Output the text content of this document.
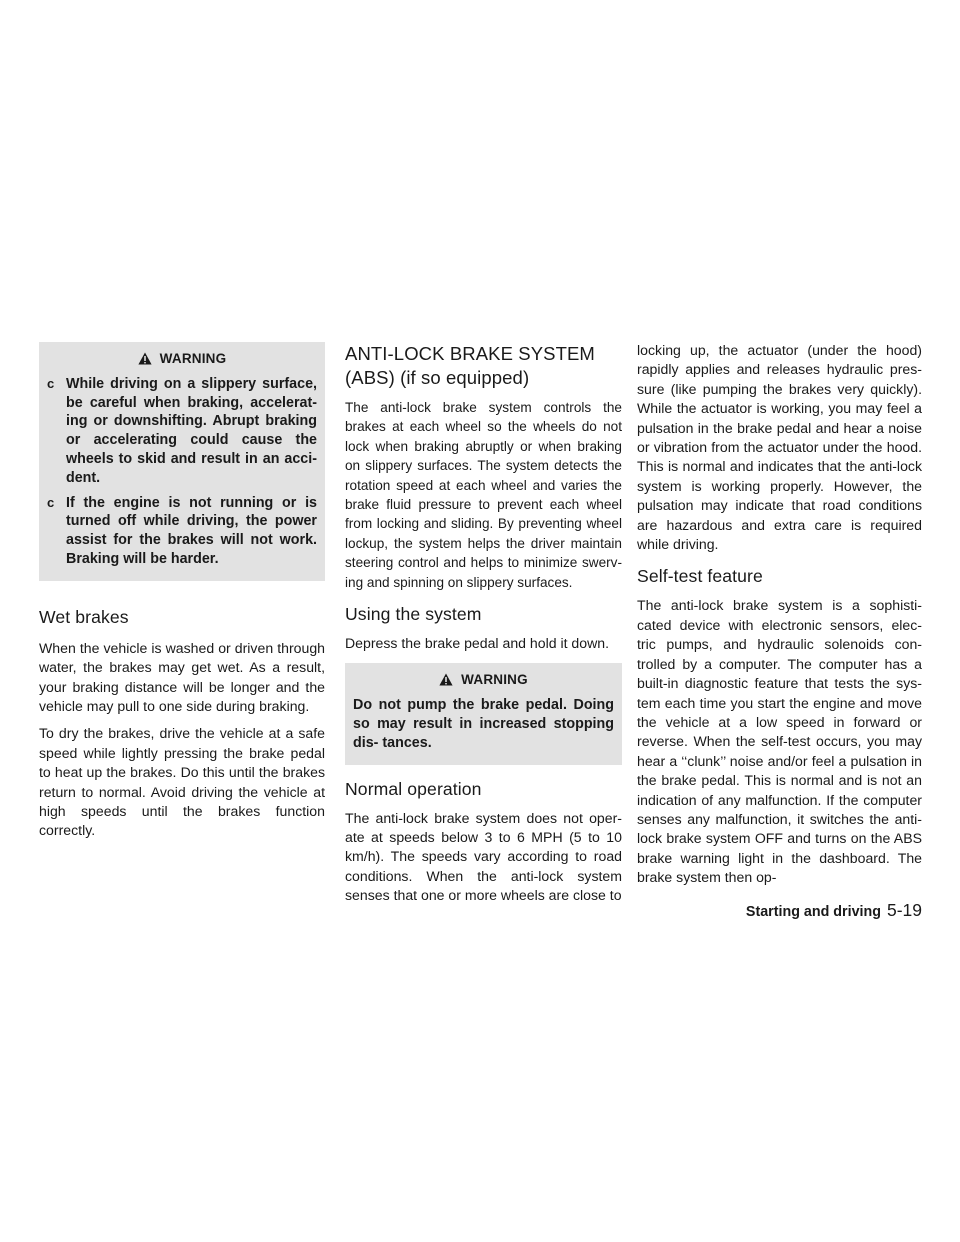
WARNING
c While driving on a slippery surface, be careful when braking, accelerat- ing or downshifting. Abrupt braking or accelerating could cause the wheels to skid and result in an acci- dent.
c If the engine is not running or is turned off while driving, the power assist for the brakes will not work. Braking will be harder.
Wet brakes

When the vehicle is washed or driven through water, the brakes may get wet. As a result, your braking distance will be longer and the vehicle may pull to one side during braking.

To dry the brakes, drive the vehicle at a safe speed while lightly pressing the brake pedal to heat up the brakes. Do this until the brakes return to normal. Avoid driving the vehicle at high speeds until the brakes function correctly.

ANTI-LOCK BRAKE SYSTEM (ABS) (if so equipped)

The anti-lock brake system controls the brakes at each wheel so the wheels do not lock when braking abruptly or when braking on slippery surfaces. The system detects the rotation speed at each wheel and varies the brake fluid pressure to prevent each wheel from locking and sliding. By preventing wheel lockup, the system helps the driver maintain steering control and helps to minimize swerv- ing and spinning on slippery surfaces.

Using the system

Depress the brake pedal and hold it down.

WARNING
Do not pump the brake pedal. Doing so may result in increased stopping dis- tances.
Normal operation

The anti-lock brake system does not oper- ate at speeds below 3 to 6 MPH (5 to 10 km/h). The speeds vary according to road conditions. When the anti-lock system senses that one or more wheels are close to

locking up, the actuator (under the hood) rapidly applies and releases hydraulic pres- sure (like pumping the brakes very quickly). While the actuator is working, you may feel a pulsation in the brake pedal and hear a noise or vibration from the actuator under the hood. This is normal and indicates that the anti-lock system is working properly. However, the pulsation may indicate that road conditions are hazardous and extra care is required while driving.

Self-test feature

The anti-lock brake system is a sophisti- cated device with electronic sensors, elec- tric pumps, and hydraulic solenoids con- trolled by a computer. The computer has a built-in diagnostic feature that tests the sys- tem each time you start the engine and move the vehicle at a low speed in forward or reverse. When the self-test occurs, you may hear a ‘‘clunk’’ noise and/or feel a pulsation in the brake pedal. This is normal and is not an indication of any malfunction. If the computer senses any malfunction, it switches the anti-lock brake system OFF and turns on the ABS brake warning light in the dashboard. The brake system then op-

Starting and driving 5-19
